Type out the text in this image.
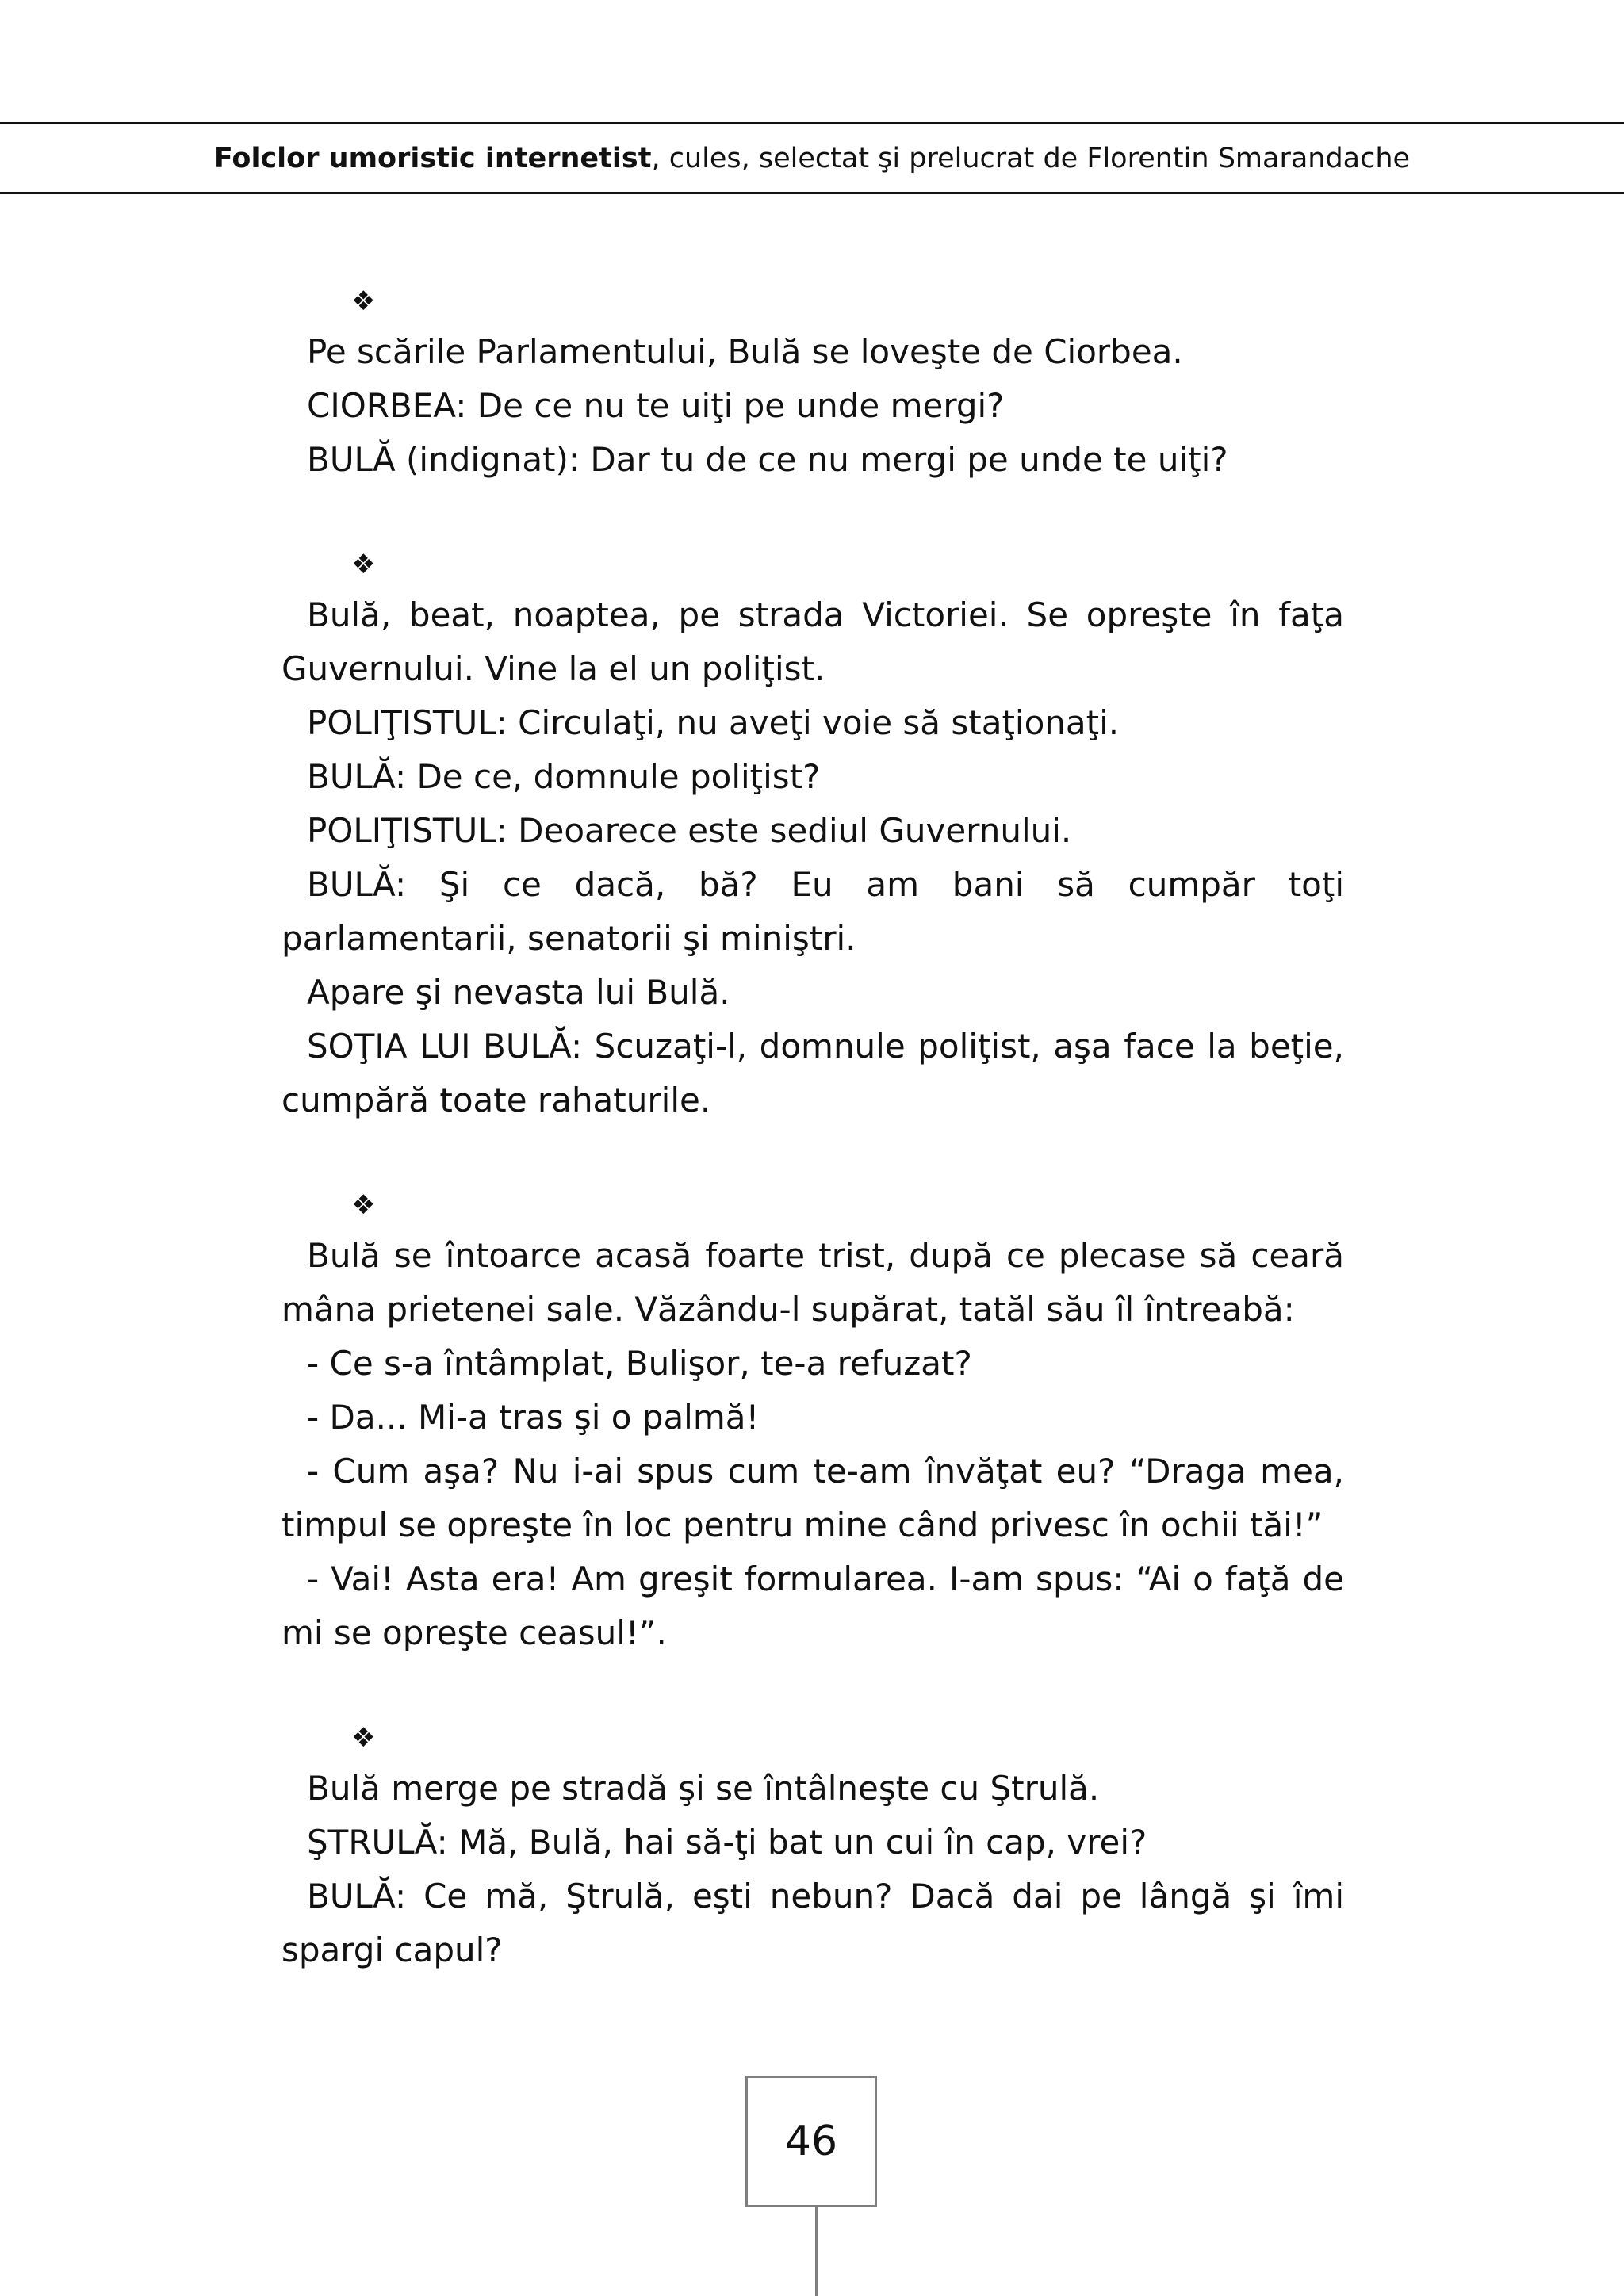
Folclor umoristic internetist , cules, selectat şi prelucrat de Florentin Smarandache
❖

Pe scările Parlamentului, Bulă se loveşte de Ciorbea.

CIORBEA: De ce nu te uiţi pe unde mergi?

BULĂ (indignat): Dar tu de ce nu mergi pe unde te uiţi?

❖

Bulă, beat, noaptea, pe strada Victoriei. Se opreşte în faţa Guvernului. Vine la el un poliţist.

POLIŢISTUL: Circulaţi, nu aveţi voie să staţionaţi.

BULĂ: De ce, domnule poliţist?

POLIŢISTUL: Deoarece este sediul Guvernului.

BULĂ: Şi ce dacă, bă? Eu am bani să cumpăr toţi parlamentarii, senatorii şi miniştri.

Apare şi nevasta lui Bulă.

SOŢIA LUI BULĂ: Scuzaţi-l, domnule poliţist, aşa face la beţie, cumpără toate rahaturile.

❖

Bulă se întoarce acasă foarte trist, după ce plecase să ceară mâna prietenei sale. Văzându-l supărat, tatăl său îl întreabă:

- Ce s-a întâmplat, Bulişor, te-a refuzat?

- Da... Mi-a tras şi o palmă!

- Cum aşa? Nu i-ai spus cum te-am învăţat eu? “Draga mea, timpul se opreşte în loc pentru mine când privesc în ochii tăi!”

- Vai! Asta era! Am greşit formularea. I-am spus: “Ai o faţă de mi se opreşte ceasul!”.

❖

Bulă merge pe stradă şi se întâlneşte cu Ştrulă.

ŞTRULĂ: Mă, Bulă, hai să-ţi bat un cui în cap, vrei?

BULĂ: Ce mă, Ştrulă, eşti nebun? Dacă dai pe lângă şi îmi spargi capul?

46
